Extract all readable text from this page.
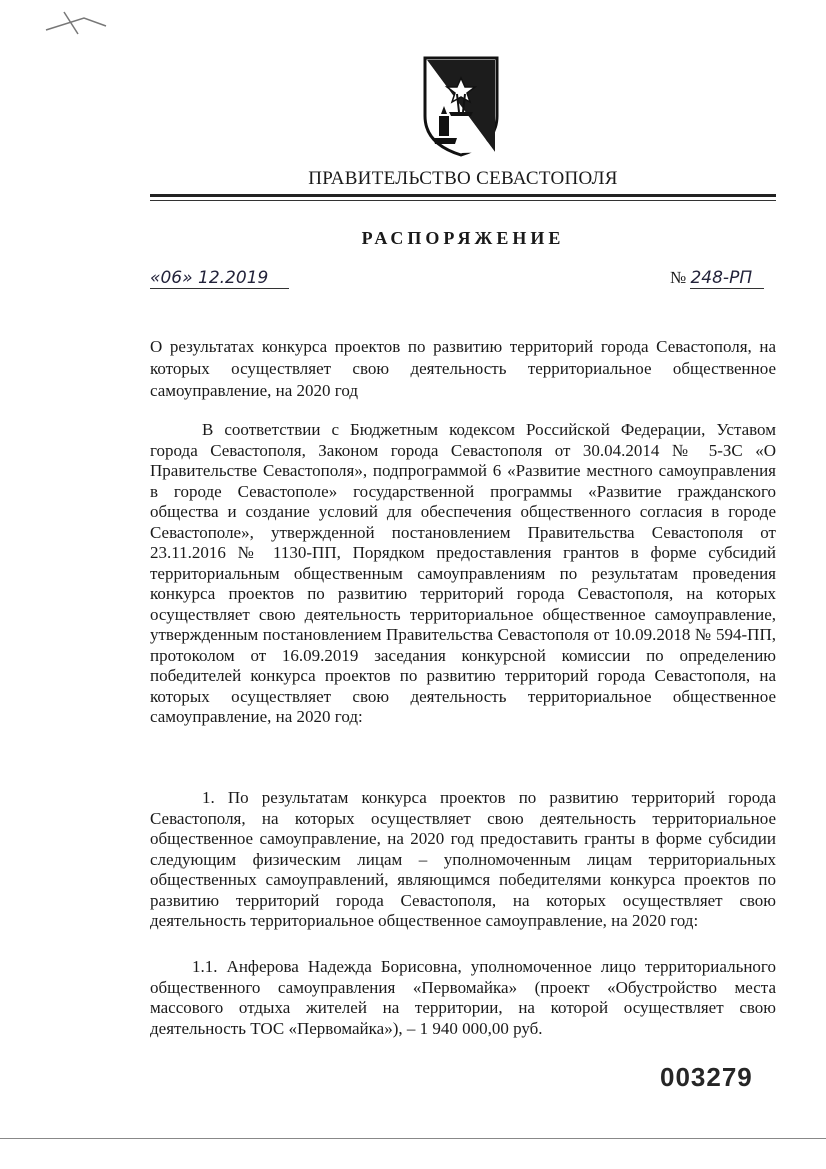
ПРАВИТЕЛЬСТВО СЕВАСТОПОЛЯ
РАСПОРЯЖЕНИЕ
«06» 12.2019	№ 248-РП
О результатах конкурса проектов по развитию территорий города Севастополя, на которых осуществляет свою деятельность территориальное общественное самоуправление, на 2020 год
В соответствии с Бюджетным кодексом Российской Федерации, Уставом города Севастополя, Законом города Севастополя от 30.04.2014 № 5-ЗС «О Правительстве Севастополя», подпрограммой 6 «Развитие местного самоуправления в городе Севастополе» государственной программы «Развитие гражданского общества и создание условий для обеспечения общественного согласия в городе Севастополе», утвержденной постановлением Правительства Севастополя от 23.11.2016 № 1130-ПП, Порядком предоставления грантов в форме субсидий территориальным общественным самоуправлениям по результатам проведения конкурса проектов по развитию территорий города Севастополя, на которых осуществляет свою деятельность территориальное общественное самоуправление, утвержденным постановлением Правительства Севастополя от 10.09.2018 № 594-ПП, протоколом от 16.09.2019 заседания конкурсной комиссии по определению победителей конкурса проектов по развитию территорий города Севастополя, на которых осуществляет свою деятельность территориальное общественное самоуправление, на 2020 год:
1. По результатам конкурса проектов по развитию территорий города Севастополя, на которых осуществляет свою деятельность территориальное общественное самоуправление, на 2020 год предоставить гранты в форме субсидии следующим физическим лицам – уполномоченным лицам территориальных общественных самоуправлений, являющимся победителями конкурса проектов по развитию территорий города Севастополя, на которых осуществляет свою деятельность территориальное общественное самоуправление, на 2020 год:
1.1. Анферова Надежда Борисовна, уполномоченное лицо территориального общественного самоуправления «Первомайка» (проект «Обустройство места массового отдыха жителей на территории, на которой осуществляет свою деятельность ТОС «Первомайка»), – 1 940 000,00 руб.
003279
